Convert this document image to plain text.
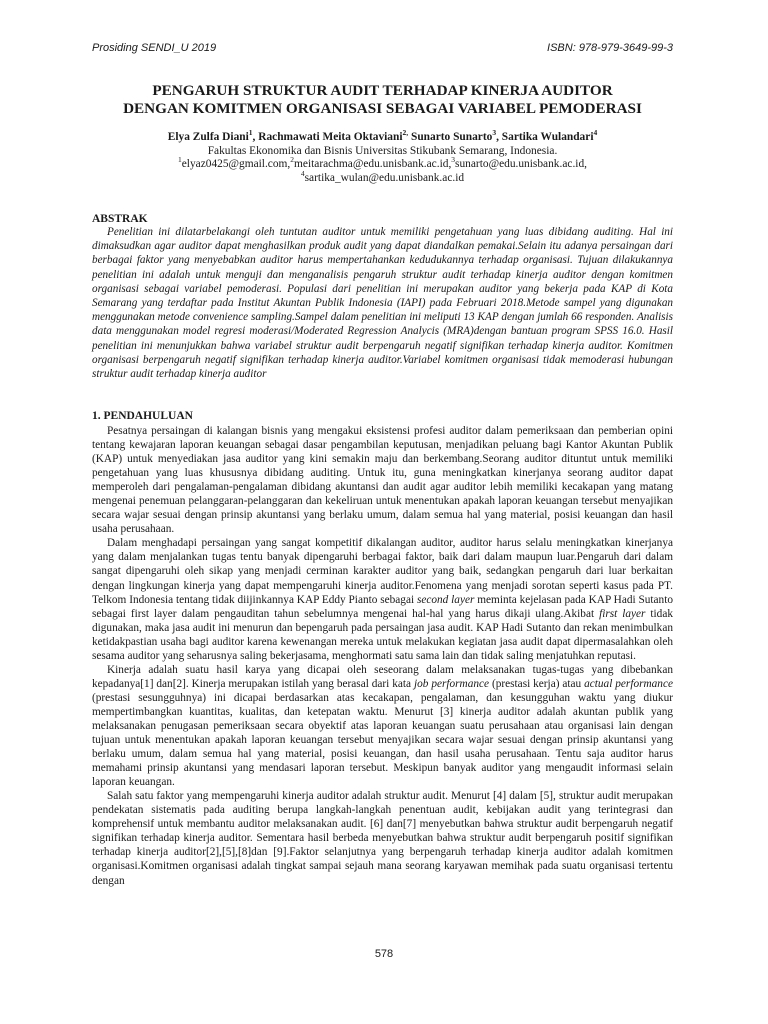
Prosiding SENDI_U 2019	ISBN: 978-979-3649-99-3
PENGARUH STRUKTUR AUDIT TERHADAP KINERJA AUDITOR
DENGAN KOMITMEN ORGANISASI SEBAGAI VARIABEL PEMODERASI
Elya Zulfa Diani$^1$, Rachmawati Meita Oktaviani$^{2,}$ Sunarto Sunarto$^3$, Sartika Wulandari$^4$
Fakultas Ekonomika dan Bisnis Universitas Stikubank Semarang, Indonesia.
$^1$elyaz0425@gmail.com,$^2$meitarachma@edu.unisbank.ac.id,$^3$sunarto@edu.unisbank.ac.id,
$^4$sartika_wulan@edu.unisbank.ac.id
ABSTRAK

Penelitian ini dilatarbelakangi oleh tuntutan auditor untuk memiliki pengetahuan yang luas dibidang auditing. Hal ini dimaksudkan agar auditor dapat menghasilkan produk audit yang dapat diandalkan pemakai.Selain itu adanya persaingan dari berbagai faktor yang menyebabkan auditor harus mempertahankan kedudukannya terhadap organisasi. Tujuan dilakukannya penelitian ini adalah untuk menguji dan menganalisis pengaruh struktur audit terhadap kinerja auditor dengan komitmen organisasi sebagai variabel pemoderasi. Populasi dari penelitian ini merupakan auditor yang bekerja pada KAP di Kota Semarang yang terdaftar pada Institut Akuntan Publik Indonesia (IAPI) pada Februari 2018.Metode sampel yang digunakan menggunakan metode convenience sampling.Sampel dalam penelitian ini meliputi 13 KAP dengan jumlah 66 responden. Analisis data menggunakan model regresi moderasi/Moderated Regression Analycis (MRA)dengan bantuan program SPSS 16.0. Hasil penelitian ini menunjukkan bahwa variabel struktur audit berpengaruh negatif signifikan terhadap kinerja auditor. Komitmen organisasi berpengaruh negatif signifikan terhadap kinerja auditor.Variabel komitmen organisasi tidak memoderasi hubungan struktur audit terhadap kinerja auditor

1. PENDAHULUAN

Pesatnya persaingan di kalangan bisnis yang mengakui eksistensi profesi auditor dalam pemeriksaan dan pemberian opini tentang kewajaran laporan keuangan sebagai dasar pengambilan keputusan, menjadikan peluang bagi Kantor Akuntan Publik (KAP) untuk menyediakan jasa auditor yang kini semakin maju dan berkembang.Seorang auditor dituntut untuk memiliki pengetahuan yang luas khususnya dibidang auditing. Untuk itu, guna meningkatkan kinerjanya seorang auditor dapat memperoleh dari pengalaman-pengalaman dibidang akuntansi dan audit agar auditor lebih memiliki kecakapan yang matang mengenai penemuan pelanggaran-pelanggaran dan kekeliruan untuk menentukan apakah laporan keuangan tersebut menyajikan secara wajar sesuai dengan prinsip akuntansi yang berlaku umum, dalam semua hal yang material, posisi keuangan dan hasil usaha perusahaan.

Dalam menghadapi persaingan yang sangat kompetitif dikalangan auditor, auditor harus selalu meningkatkan kinerjanya yang dalam menjalankan tugas tentu banyak dipengaruhi berbagai faktor, baik dari dalam maupun luar.Pengaruh dari dalam sangat dipengaruhi oleh sikap yang menjadi cerminan karakter auditor yang baik, sedangkan pengaruh dari luar berkaitan dengan lingkungan kinerja yang dapat mempengaruhi kinerja auditor.Fenomena yang menjadi sorotan seperti kasus pada PT. Telkom Indonesia tentang tidak diijinkannya KAP Eddy Pianto sebagai second layer meminta kejelasan pada KAP Hadi Sutanto sebagai first layer dalam pengauditan tahun sebelumnya mengenai hal-hal yang harus dikaji ulang.Akibat first layer tidak digunakan, maka jasa audit ini menurun dan bepengaruh pada persaingan jasa audit. KAP Hadi Sutanto dan rekan menimbulkan ketidakpastian usaha bagi auditor karena kewenangan mereka untuk melakukan kegiatan jasa audit dapat dipermasalahkan oleh sesama auditor yang seharusnya saling bekerjasama, menghormati satu sama lain dan tidak saling menjatuhkan reputasi.

Kinerja adalah suatu hasil karya yang dicapai oleh seseorang dalam melaksanakan tugas-tugas yang dibebankan kepadanya[1] dan[2]. Kinerja merupakan istilah yang berasal dari kata job performance (prestasi kerja) atau actual performance (prestasi sesungguhnya) ini dicapai berdasarkan atas kecakapan, pengalaman, dan kesungguhan waktu yang diukur mempertimbangkan kuantitas, kualitas, dan ketepatan waktu. Menurut [3] kinerja auditor adalah akuntan publik yang melaksanakan penugasan pemeriksaan secara obyektif atas laporan keuangan suatu perusahaan atau organisasi lain dengan tujuan untuk menentukan apakah laporan keuangan tersebut menyajikan secara wajar sesuai dengan prinsip akuntansi yang berlaku umum, dalam semua hal yang material, posisi keuangan, dan hasil usaha perusahaan. Tentu saja auditor harus memahami prinsip akuntansi yang mendasari laporan tersebut. Meskipun banyak auditor yang mengaudit informasi selain laporan keuangan.

Salah satu faktor yang mempengaruhi kinerja auditor adalah struktur audit. Menurut [4] dalam [5], struktur audit merupakan pendekatan sistematis pada auditing berupa langkah-langkah penentuan audit, kebijakan audit yang terintegrasi dan komprehensif untuk membantu auditor melaksanakan audit. [6] dan[7] menyebutkan bahwa struktur audit berpengaruh negatif signifikan terhadap kinerja auditor. Sementara hasil berbeda menyebutkan bahwa struktur audit berpengaruh positif signifikan terhadap kinerja auditor[2],[5],[8]dan [9].Faktor selanjutnya yang berpengaruh terhadap kinerja auditor adalah komitmen organisasi.Komitmen organisasi adalah tingkat sampai sejauh mana seorang karyawan memihak pada suatu organisasi tertentu dengan

578
